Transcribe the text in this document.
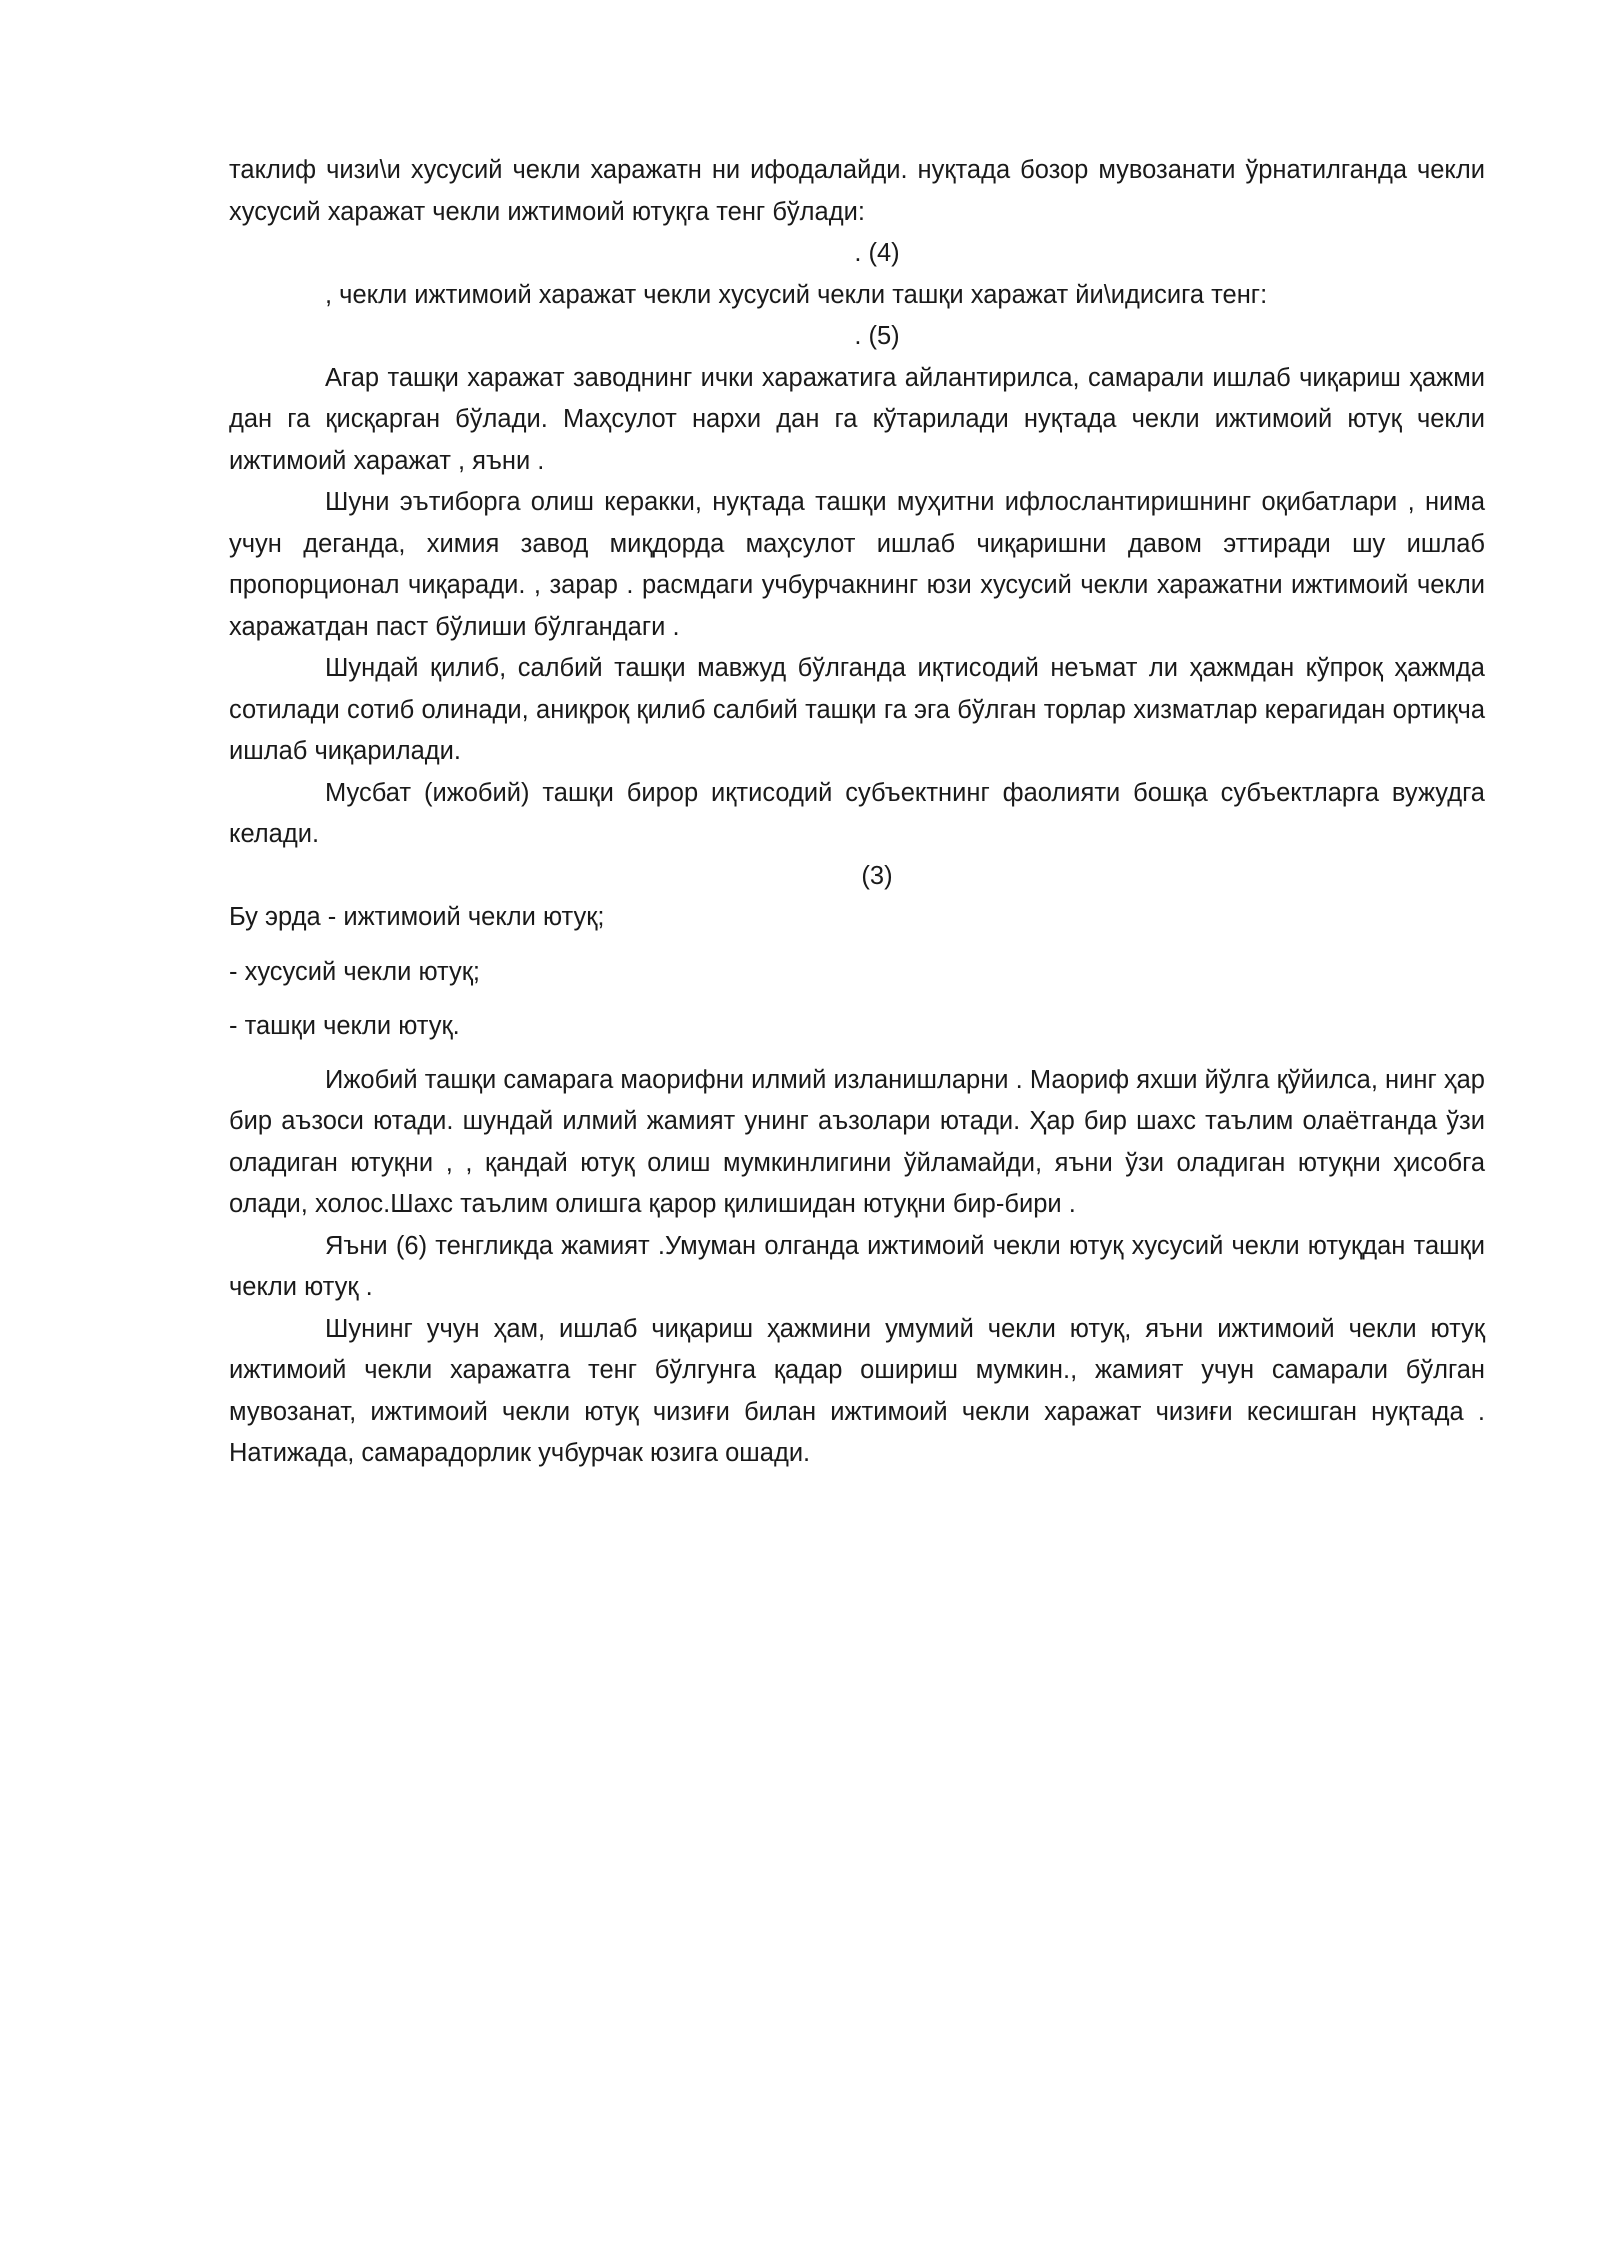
таклиф чизи\и хусусий чекли харажатн ни ифодалайди. нуқтада бозор мувозанати ўрнатилганда чекли хусусий харажат чекли ижтимоий ютуқга тенг бўлади:

. (4)

, чекли ижтимоий харажат чекли хусусий чекли ташқи харажат йи\идисига тенг:

. (5)

Агар ташқи харажат заводнинг ички харажатига айлантирилса, самарали ишлаб чиқариш ҳажми дан га қисқарган бўлади. Маҳсулот нархи дан га кўтарилади нуқтада чекли ижтимоий ютуқ чекли ижтимоий харажат , яъни .

Шуни эътиборга олиш керакки, нуқтада ташқи муҳитни ифлослантиришнинг оқибатлари , нима учун деганда, химия завод миқдорда маҳсулот ишлаб чиқаришни давом эттиради шу ишлаб пропорционал чиқаради. , зарар . расмдаги учбурчакнинг юзи хусусий чекли харажатни ижтимоий чекли харажатдан паст бўлиши бўлгандаги .

Шундай қилиб, салбий ташқи мавжуд бўлганда иқтисодий неъмат ли ҳажмдан кўпроқ ҳажмда сотилади сотиб олинади, аниқроқ қилиб салбий ташқи га эга бўлган торлар хизматлар керагидан ортиқча ишлаб чиқарилади.

Мусбат (ижобий) ташқи бирор иқтисодий субъектнинг фаолияти бошқа субъектларга вужудга келади.

(3)

Бу эрда - ижтимоий чекли ютуқ;

- хусусий чекли ютуқ;

- ташқи чекли ютуқ.

Ижобий ташқи самарага маорифни илмий изланишларни . Маориф яхши йўлга қўйилса, нинг ҳар бир аъзоси ютади. шундай илмий жамият унинг аъзолари ютади. Ҳар бир шахс таълим олаётганда ўзи оладиган ютуқни , , қандай ютуқ олиш мумкинлигини ўйламайди, яъни ўзи оладиган ютуқни ҳисобга олади, холос.Шахс таълим олишга қарор қилишидан ютуқни бир-бири .

Яъни (6) тенгликда жамият .Умуман олганда ижтимоий чекли ютуқ хусусий чекли ютуқдан ташқи чекли ютуқ .

Шунинг учун ҳам, ишлаб чиқариш ҳажмини умумий чекли ютуқ, яъни ижтимоий чекли ютуқ ижтимоий чекли харажатга тенг бўлгунга қадар ошириш мумкин., жамият учун самарали бўлган мувозанат, ижтимоий чекли ютуқ чизиғи билан ижтимоий чекли харажат чизиғи кесишган нуқтада . Натижада, самарадорлик учбурчак юзига ошади.
